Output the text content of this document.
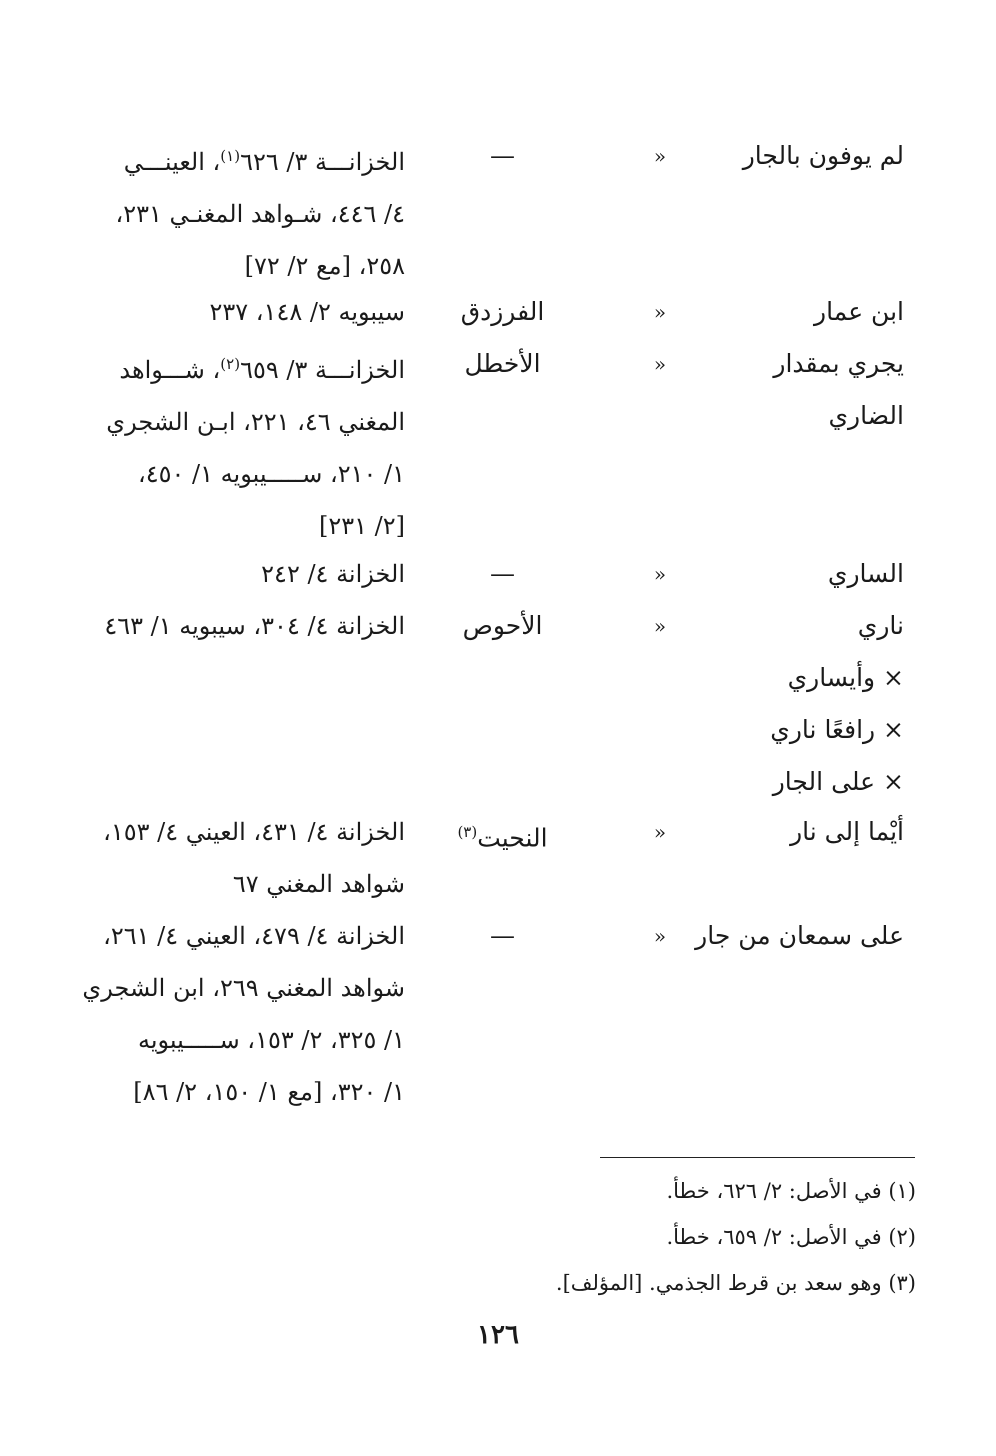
لم يوفون بالجار
«
—
الخزانـــة ٣/ ٦٢٦$^{(١)}$، العينـــي
٤/ ٤٤٦، شـواهد المغنـي ٢٣١،
٢٥٨، [مع ٢/ ٧٢]
ابن عمار
«
الفرزدق
سيبويه ٢/ ١٤٨، ٢٣٧
يجري بمقدار
الضاري
«
الأخطل
الخزانـــة ٣/ ٦٥٩$^{(٢)}$، شـــواهد
المغني ٤٦، ٢٢١، ابـن الشجري
١/ ٢١٠، ســـــيبويه ١/ ٤٥٠،
[٢/ ٢٣١]
الساري
«
—
الخزانة ٤/ ٢٤٢
ناري
× وأيساري
× رافعًا ناري
× على الجار
«
الأحوص
الخزانة ٤/ ٣٠٤، سيبويه ١/ ٤٦٣
أيْما إلى نار
«
النحيت$^{(٣)}$
الخزانة ٤/ ٤٣١، العيني ٤/ ١٥٣،
شواهد المغني ٦٧
على سمعان من جار
«
—
الخزانة ٤/ ٤٧٩، العيني ٤/ ٢٦١،
شواهد المغني ٢٦٩، ابن الشجري
١/ ٣٢٥، ٢/ ١٥٣، ســـــيبويه
١/ ٣٢٠، [مع ١/ ١٥٠، ٢/ ٨٦]
(١) في الأصل: ٢/ ٦٢٦، خطأ.
(٢) في الأصل: ٢/ ٦٥٩، خطأ.
(٣) وهو سعد بن قرط الجذمي. [المؤلف].
١٢٦
